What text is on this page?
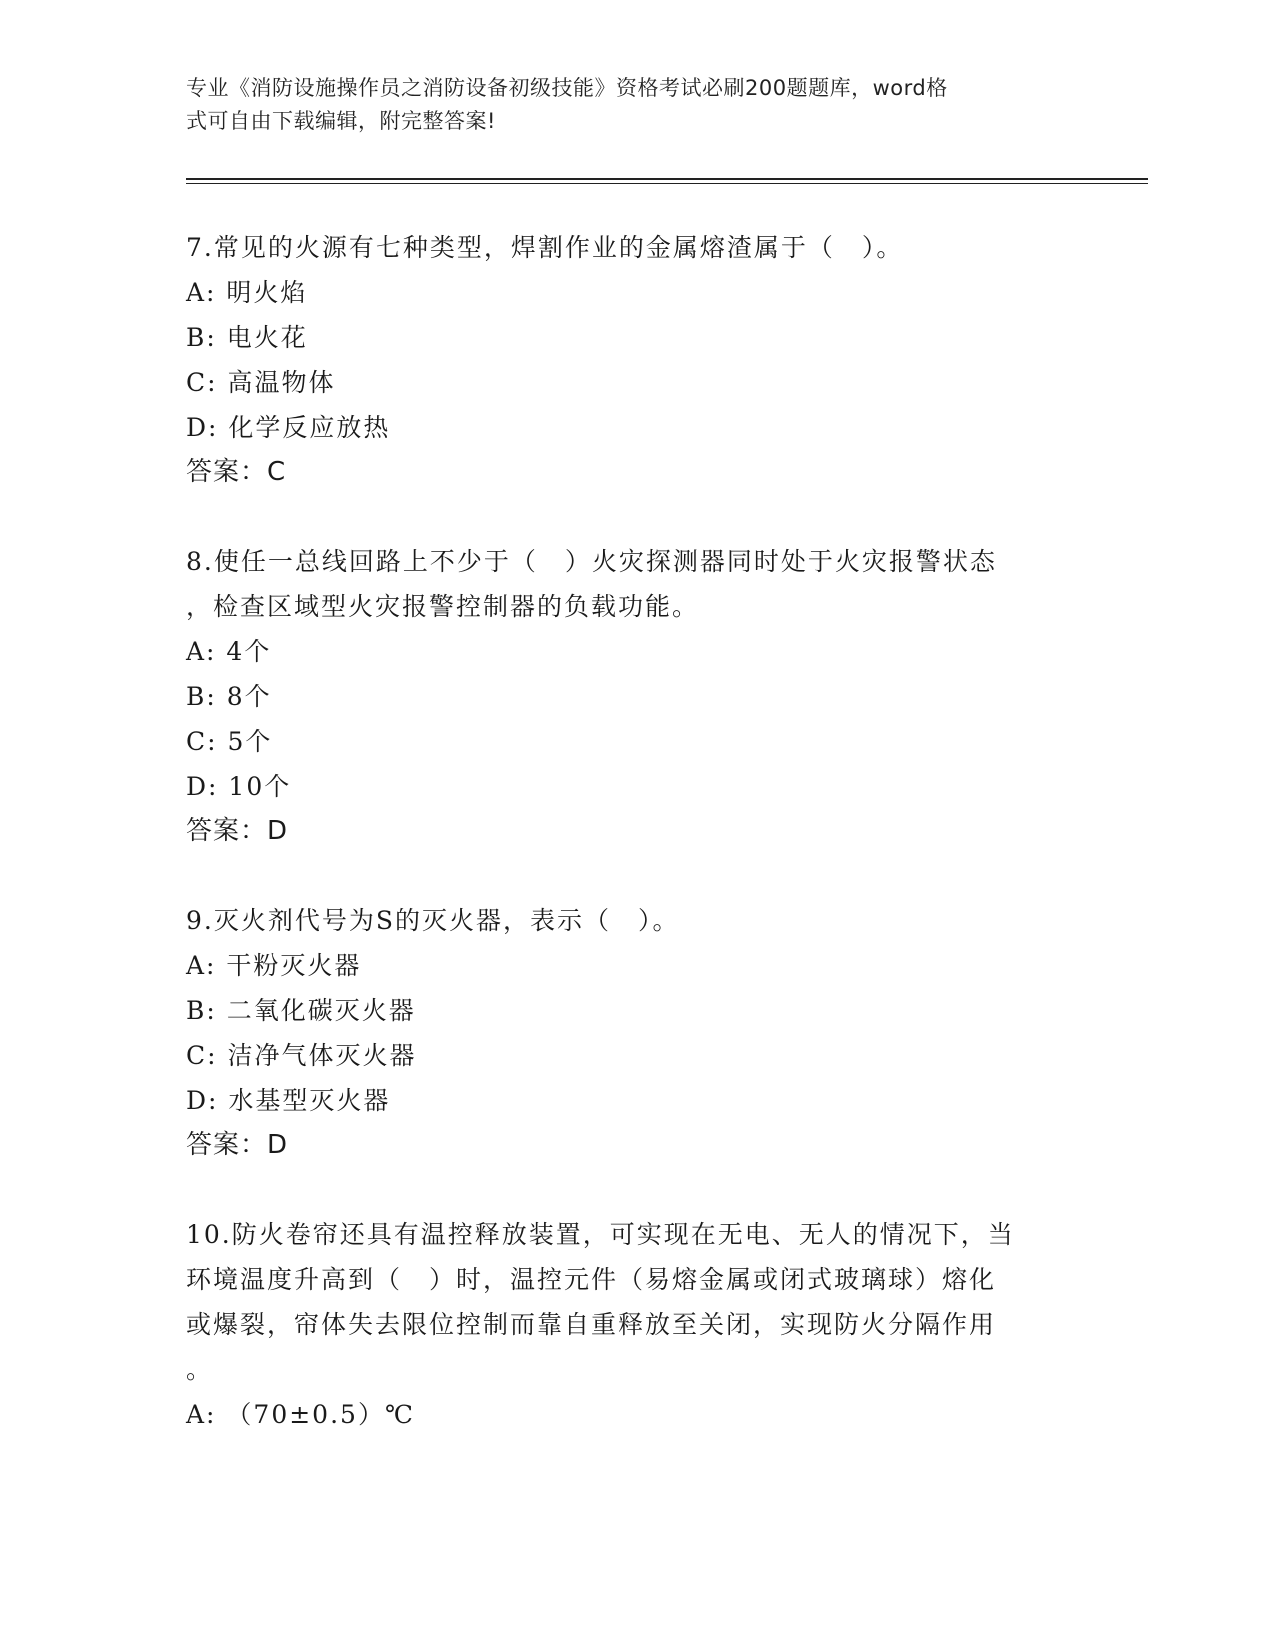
专业《消防设施操作员之消防设备初级技能》资格考试必刷200题题库，word格
式可自由下载编辑，附完整答案!
7.常见的火源有七种类型，焊割作业的金属熔渣属于（　）。
A: 明火焰
B: 电火花
C: 高温物体
D: 化学反应放热
答案：C
8.使任一总线回路上不少于（　）火灾探测器同时处于火灾报警状态
，检查区域型火灾报警控制器的负载功能。
A: 4个
B: 8个
C: 5个
D: 10个
答案：D
9.灭火剂代号为S的灭火器，表示（　）。
A: 干粉灭火器
B: 二氧化碳灭火器
C: 洁净气体灭火器
D: 水基型灭火器
答案：D
10.防火卷帘还具有温控释放装置，可实现在无电、无人的情况下，当
环境温度升高到（　）时，温控元件（易熔金属或闭式玻璃球）熔化
或爆裂，帘体失去限位控制而靠自重释放至关闭，实现防火分隔作用
。
A: （70±0.5）℃
